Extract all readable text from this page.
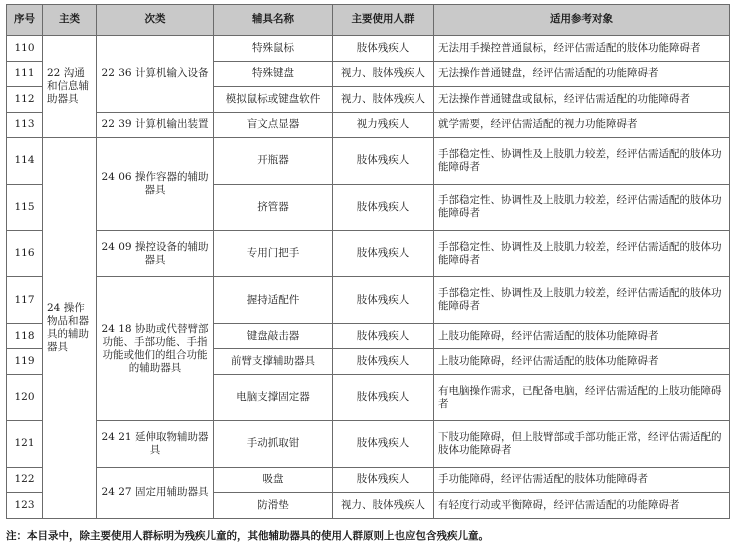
序号	主类	次类	辅具名称	主要使用人群	适用参考对象
110	22 沟通和信息辅助器具	22 36 计算机输入设备	特殊鼠标	肢体残疾人	无法用手操控普通鼠标，经评估需适配的肢体功能障碍者
111			特殊键盘	视力、肢体残疾人	无法操作普通键盘，经评估需适配的功能障碍者
112			模拟鼠标或键盘软件	视力、肢体残疾人	无法操作普通键盘或鼠标，经评估需适配的功能障碍者
113		22 39 计算机输出装置	盲文点显器	视力残疾人	就学需要，经评估需适配的视力功能障碍者
114	24 操作物品和器具的辅助器具	24 06 操作容器的辅助器具	开瓶器	肢体残疾人	手部稳定性、协调性及上肢肌力较差，经评估需适配的肢体功能障碍者
115			挤管器	肢体残疾人	手部稳定性、协调性及上肢肌力较差，经评估需适配的肢体功能障碍者
116		24 09 操控设备的辅助器具	专用门把手	肢体残疾人	手部稳定性、协调性及上肢肌力较差，经评估需适配的肢体功能障碍者
117		24 18 协助或代替臂部功能、手部功能、手指功能或他们的组合功能的辅助器具	握持适配件	肢体残疾人	手部稳定性、协调性及上肢肌力较差，经评估需适配的肢体功能障碍者
118			键盘敲击器	肢体残疾人	上肢功能障碍，经评估需适配的肢体功能障碍者
119			前臂支撑辅助器具	肢体残疾人	上肢功能障碍，经评估需适配的肢体功能障碍者
120			电脑支撑固定器	肢体残疾人	有电脑操作需求，已配备电脑，经评估需适配的上肢功能障碍者
121		24 21 延伸取物辅助器具	手动抓取钳	肢体残疾人	下肢功能障碍，但上肢臂部或手部功能正常，经评估需适配的肢体功能障碍者
122		24 27 固定用辅助器具	吸盘	肢体残疾人	手功能障碍，经评估需适配的肢体功能障碍者
123			防滑垫	视力、肢体残疾人	有轻度行动或平衡障碍，经评估需适配的功能障碍者
注：本目录中，除主要使用人群标明为残疾儿童的，其他辅助器具的使用人群原则上也应包含残疾儿童。
